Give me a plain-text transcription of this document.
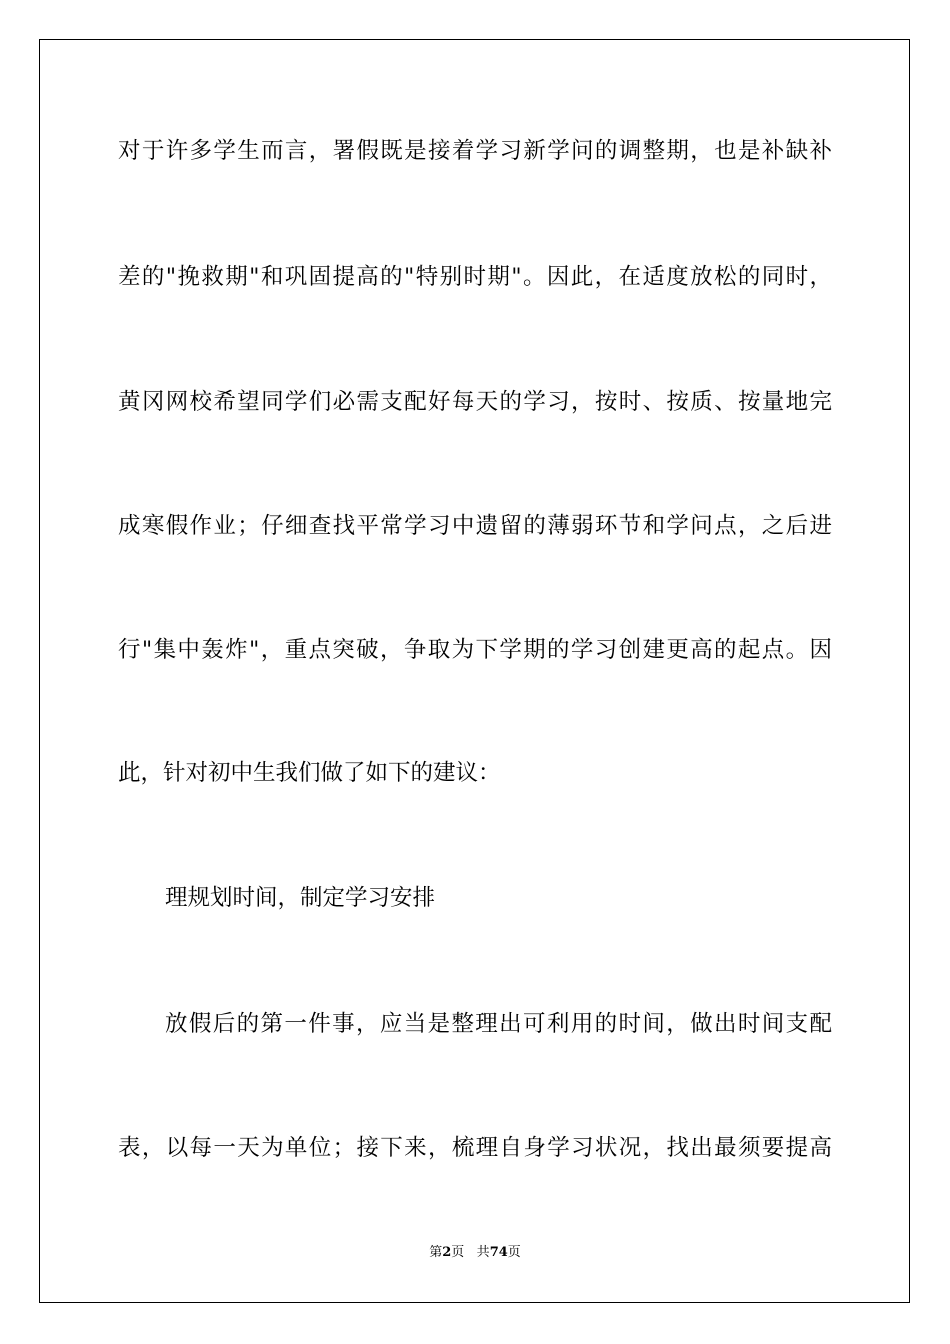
对于许多学生而言，署假既是接着学习新学问的调整期，也是补缺补
差的"挽救期"和巩固提高的"特别时期"。因此，在适度放松的同时，
黄冈网校希望同学们必需支配好每天的学习，按时、按质、按量地完
成寒假作业；仔细查找平常学习中遗留的薄弱环节和学问点，之后进
行"集中轰炸"，重点突破，争取为下学期的学习创建更高的起点。因
此，针对初中生我们做了如下的建议：
理规划时间，制定学习安排
放假后的第一件事，应当是整理出可利用的时间，做出时间支配
表，以每一天为单位；接下来，梳理自身学习状况，找出最须要提高
第2页 共74页
